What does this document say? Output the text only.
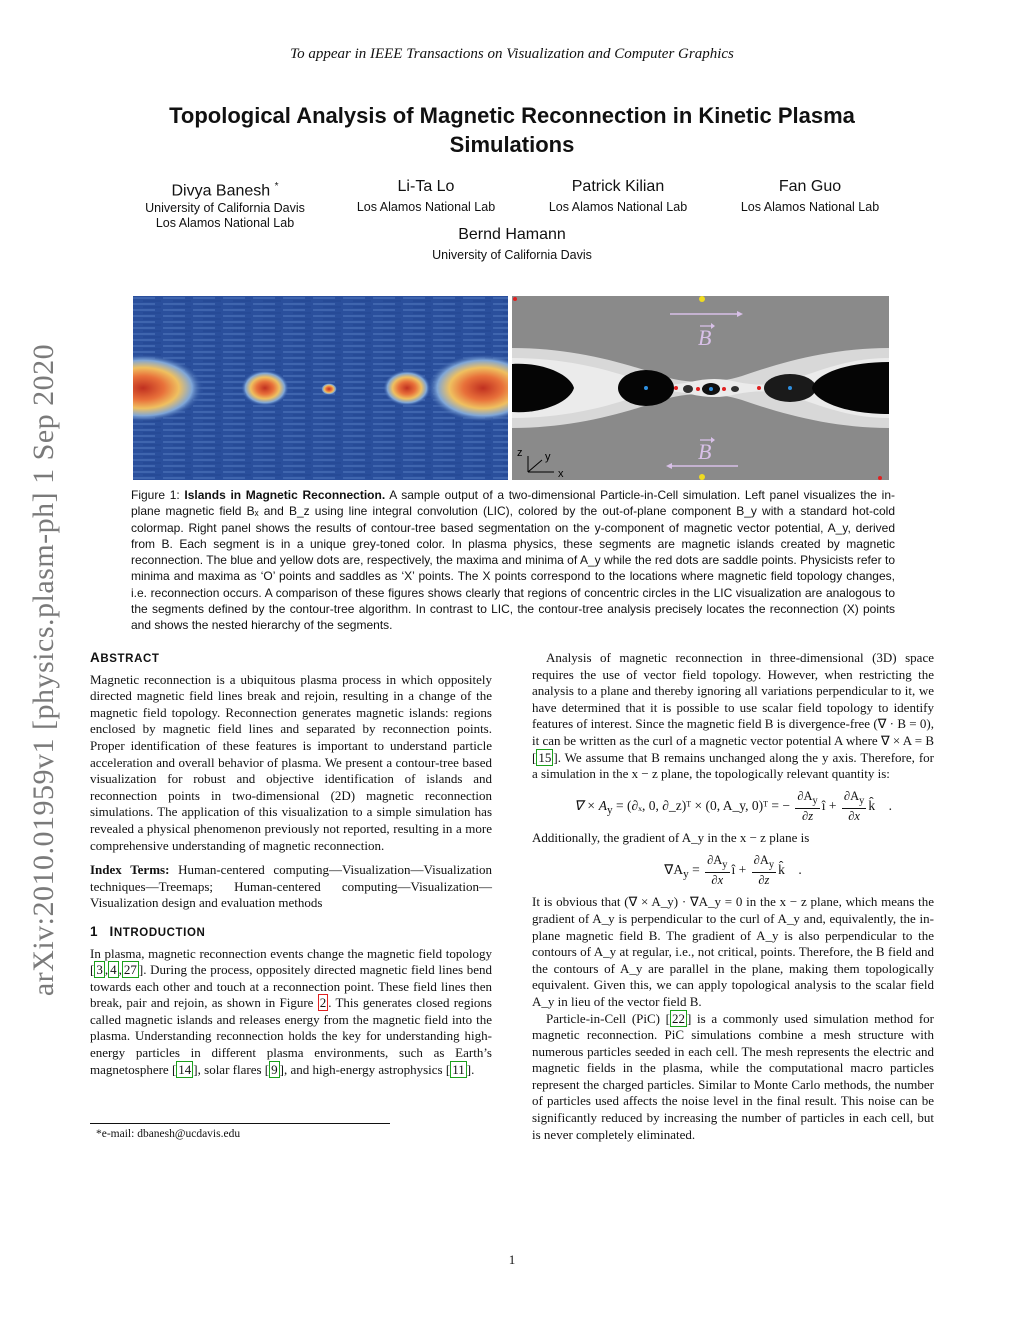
arXiv:2010.01959v1 [physics.plasm-ph] 1 Sep 2020
To appear in IEEE Transactions on Visualization and Computer Graphics
Topological Analysis of Magnetic Reconnection in Kinetic Plasma Simulations
Divya Banesh *
University of California Davis
Los Alamos National Lab
Li-Ta Lo
Los Alamos National Lab
Patrick Kilian
Los Alamos National Lab
Fan Guo
Los Alamos National Lab
Bernd Hamann
University of California Davis
B
B
z y
x
Figure 1: Islands in Magnetic Reconnection. A sample output of a two-dimensional Particle-in-Cell simulation. Left panel visualizes the in-plane magnetic field Bₓ and B_z using line integral convolution (LIC), colored by the out-of-plane component B_y with a standard hot-cold colormap. Right panel shows the results of contour-tree based segmentation on the y-component of magnetic vector potential, A_y, derived from B. Each segment is in a unique grey-toned color. In plasma physics, these segments are magnetic islands created by magnetic reconnection. The blue and yellow dots are, respectively, the maxima and minima of A_y while the red dots are saddle points. Physicists refer to minima and maxima as ‘O’ points and saddles as ‘X’ points. The X points correspond to the locations where magnetic field topology changes, i.e. reconnection occurs. A comparison of these figures shows clearly that regions of concentric circles in the LIC visualization are analogous to the segments defined by the contour-tree algorithm. In contrast to LIC, the contour-tree analysis precisely locates the reconnection (X) points and shows the nested hierarchy of the segments.
ABSTRACT

Magnetic reconnection is a ubiquitous plasma process in which oppositely directed magnetic field lines break and rejoin, resulting in a change of the magnetic field topology. Reconnection generates magnetic islands: regions enclosed by magnetic field lines and separated by reconnection points. Proper identification of these features is important to understand particle acceleration and overall behavior of plasma. We present a contour-tree based visualization for robust and objective identification of islands and reconnection points in two-dimensional (2D) magnetic reconnection simulations. The application of this visualization to a simple simulation has revealed a physical phenomenon previously not reported, resulting in a more comprehensive understanding of magnetic reconnection.

Index Terms: Human-centered computing—Visualization—Visualization techniques—Treemaps; Human-centered computing—Visualization—Visualization design and evaluation methods

1 INTRODUCTION

In plasma, magnetic reconnection events change the magnetic field topology [ 3 , 4 , 27 ]. During the process, oppositely directed magnetic field lines bend towards each other and touch at a reconnection point. These field lines then break, pair and rejoin, as shown in Figure 2 . This generates closed regions called magnetic islands and releases energy from the magnetic field into the plasma. Understanding reconnection holds the key for understanding high-energy particles in different plasma environments, such as Earth’s magnetosphere [ 14 ], solar flares [ 9 ], and high-energy astrophysics [ 11 ].

*e-mail: dbanesh@ucdavis.edu

Analysis of magnetic reconnection in three-dimensional (3D) space requires the use of vector field topology. However, when restricting the analysis to a plane and thereby ignoring all variations perpendicular to it, we have determined that it is possible to use scalar field topology to identify features of interest. Since the magnetic field B is divergence-free (∇ · B = 0), it can be written as the curl of a magnetic vector potential A where ∇ × A = B [ 15 ]. We assume that B remains unchanged along the y axis. Therefore, for a simulation in the x − z plane, the topologically relevant quantity is:

∇ × $A_y = (\partial_x$, 0, ∂_z)ᵀ × (0, A_y, 0)ᵀ = − $\frac{\partial A_y}{\partial z}$ î + $\frac{\partial A_y}{\partial x}$ k̂ .

Additionally, the gradient of A_y in the x − z plane is

$\nabla A_y = \frac{\partial A_y}{\partial x}$ î + $\frac{\partial A_y}{\partial z}$ k̂ .

It is obvious that (∇ × A_y) · ∇A_y = 0 in the x − z plane, which means the gradient of A_y is perpendicular to the curl of A_y and, equivalently, the in-plane magnetic field B. The gradient of A_y is also perpendicular to the contours of A_y at regular, i.e., not critical, points. Therefore, the B field and the contours of A_y are parallel in the plane, making them topologically equivalent. Given this, we can apply topological analysis to the scalar field A_y in lieu of the vector field B.

Particle-in-Cell (PiC) [ 22 ] is a commonly used simulation method for magnetic reconnection. PiC simulations combine a mesh structure with numerous particles seeded in each cell. The mesh represents the electric and magnetic fields in the plasma, while the computational macro particles represent the charged particles. Similar to Monte Carlo methods, the number of particles used affects the noise level in the final result. This noise can be significantly reduced by increasing the number of particles in each cell, but is never completely eliminated.

1
